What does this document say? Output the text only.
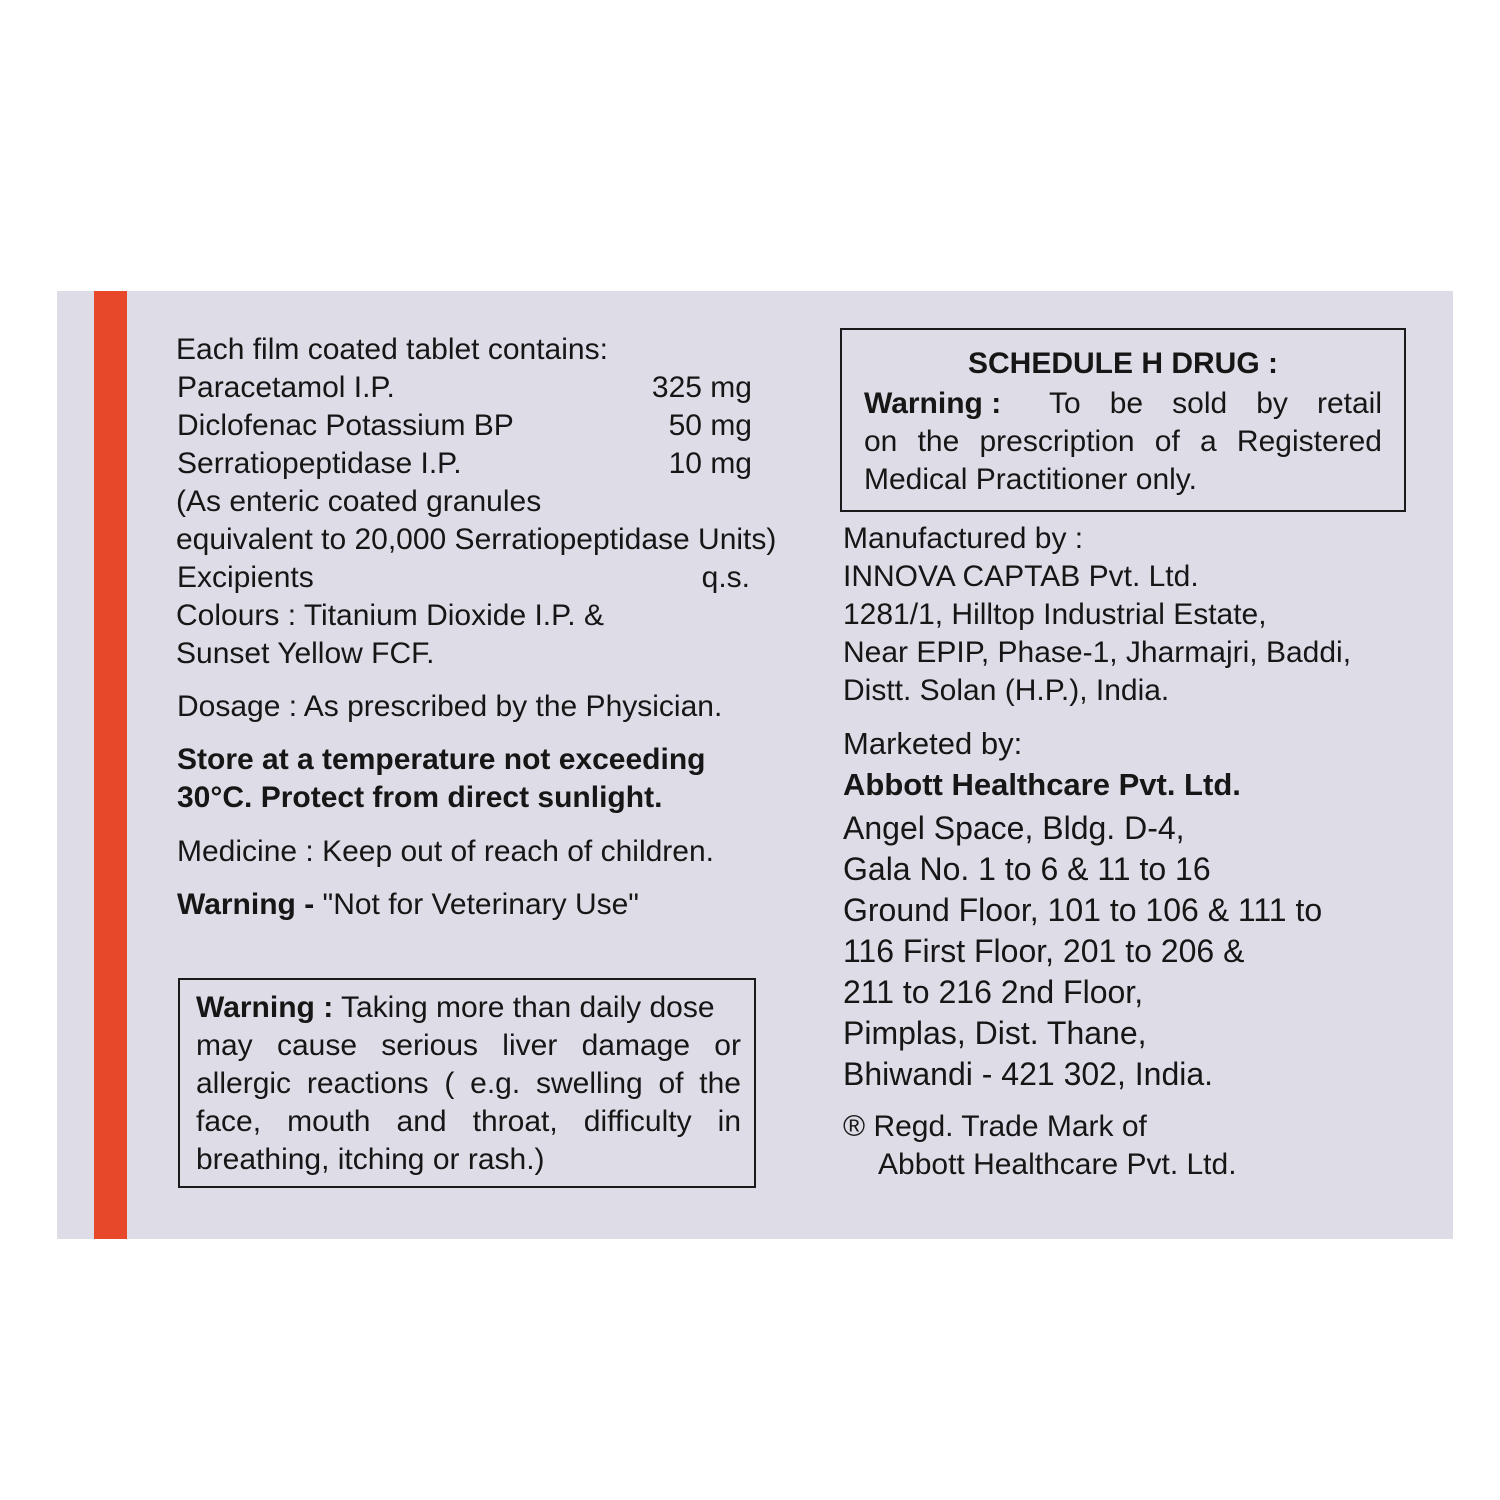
Each film coated tablet contains:
Paracetamol I.P.	325 mg
Diclofenac Potassium BP	50 mg
Serratiopeptidase I.P.	10 mg
(As enteric coated granules
equivalent to 20,000 Serratiopeptidase Units)
Excipients	q.s.
Colours : Titanium Dioxide I.P. &
Sunset Yellow FCF.
Dosage : As prescribed by the Physician.
Store at a temperature not exceeding
30°C. Protect from direct sunlight.
Medicine : Keep out of reach of children.
Warning - "Not for Veterinary Use"
Warning : Taking more than daily dose
may cause serious liver damage or
allergic reactions ( e.g. swelling of the
face, mouth and throat, difficulty in
breathing, itching or rash.)
SCHEDULE H DRUG :
Warning : To be sold by retail
on the prescription of a Registered
Medical Practitioner only.
Manufactured by :
INNOVA CAPTAB Pvt. Ltd.
1281/1, Hilltop Industrial Estate,
Near EPIP, Phase-1, Jharmajri, Baddi,
Distt. Solan (H.P.), India.
Marketed by:
Abbott Healthcare Pvt. Ltd.
Angel Space, Bldg. D-4,
Gala No. 1 to 6 & 11 to 16
Ground Floor, 101 to 106 & 111 to
116 First Floor, 201 to 206 &
211 to 216 2nd Floor,
Pimplas, Dist. Thane,
Bhiwandi - 421 302, India.
® Regd. Trade Mark of
Abbott Healthcare Pvt. Ltd.
